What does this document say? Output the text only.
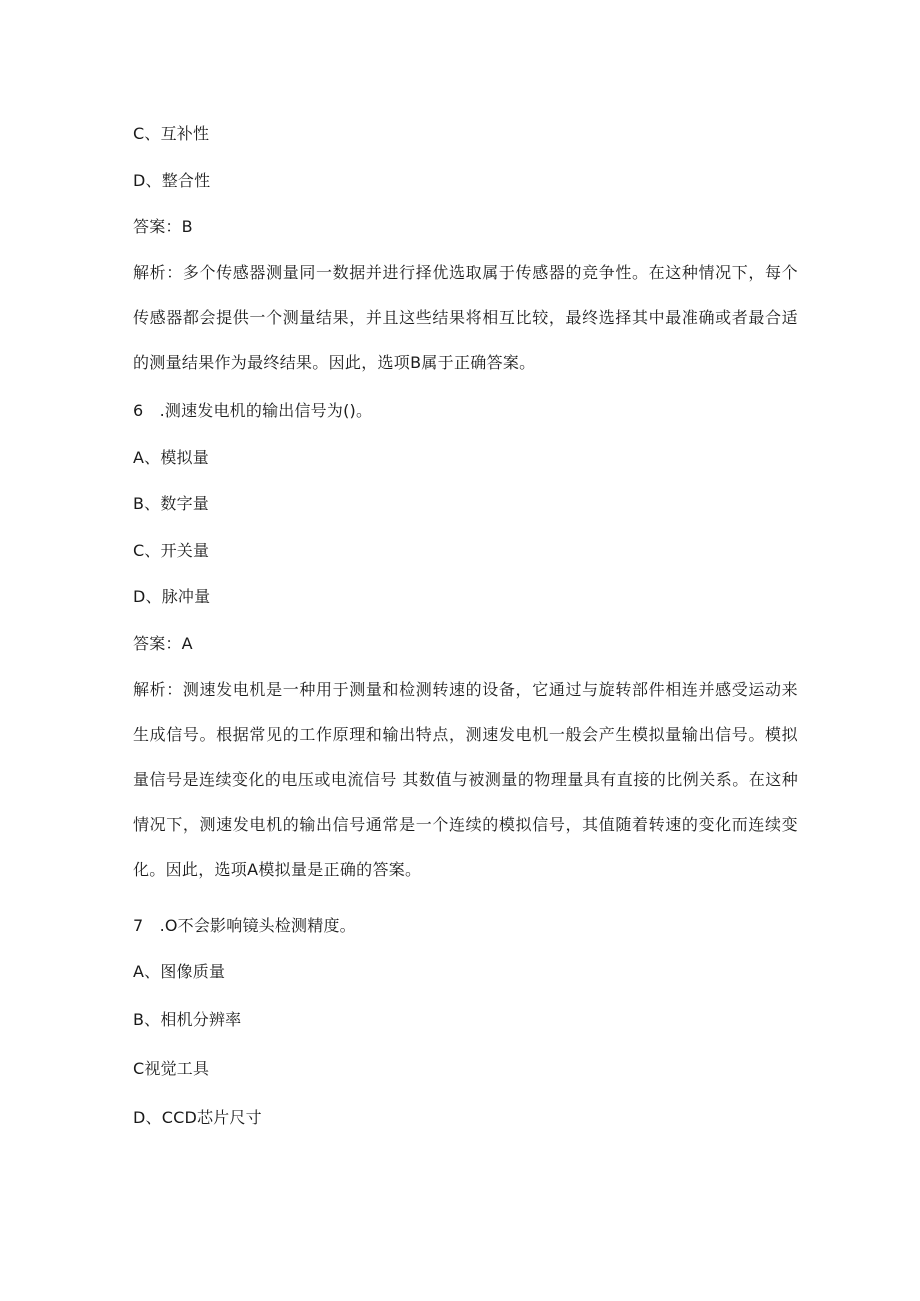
C、互补性
D、整合性
答案：B
解析：多个传感器测量同一数据并进行择优选取属于传感器的竞争性。在这种情况下，每个传感器都会提供一个测量结果，并且这些结果将相互比较，最终选择其中最准确或者最合适的测量结果作为最终结果。因此，选项B属于正确答案。
6　.测速发电机的输出信号为()。
A、模拟量
B、数字量
C、开关量
D、脉冲量
答案：A
解析：测速发电机是一种用于测量和检测转速的设备，它通过与旋转部件相连并感受运动来生成信号。根据常见的工作原理和输出特点，测速发电机一般会产生模拟量输出信号。模拟量信号是连续变化的电压或电流信号 其数值与被测量的物理量具有直接的比例关系。在这种情况下，测速发电机的输出信号通常是一个连续的模拟信号，其值随着转速的变化而连续变化。因此，选项A模拟量是正确的答案。
7　.O不会影响镜头检测精度。
A、图像质量
B、相机分辨率
C视觉工具
D、CCD芯片尺寸
